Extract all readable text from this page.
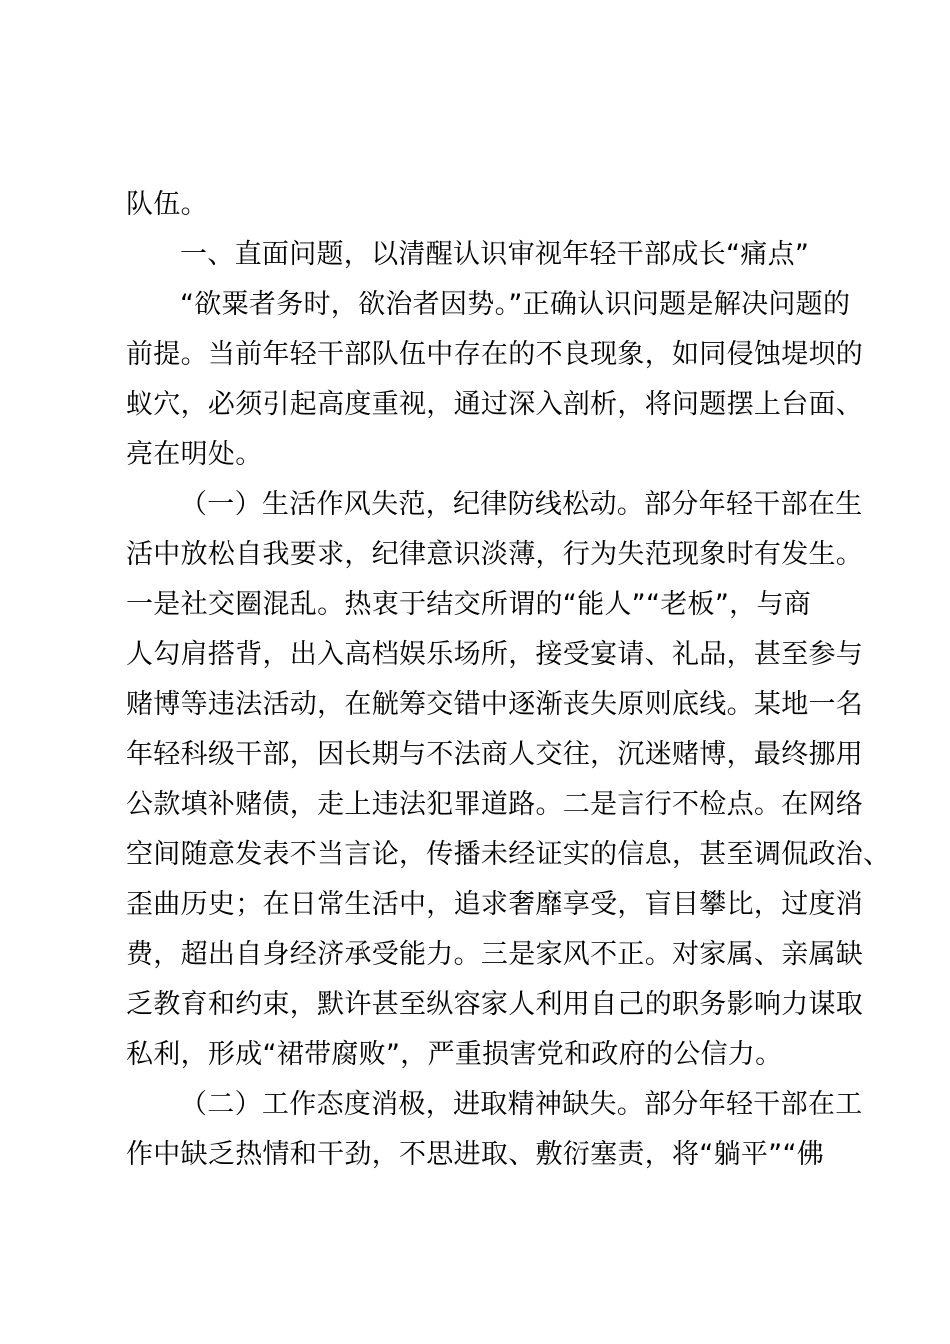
队伍。
一、直面问题，以清醒认识审视年轻干部成长“痛点”
“欲粟者务时，欲治者因势。”正确认识问题是解决问题的
前提。当前年轻干部队伍中存在的不良现象，如同侵蚀堤坝的
蚁穴，必须引起高度重视，通过深入剖析，将问题摆上台面、
亮在明处。
（一）生活作风失范，纪律防线松动。部分年轻干部在生
活中放松自我要求，纪律意识淡薄，行为失范现象时有发生。
一是社交圈混乱。热衷于结交所谓的“能人”“老板”，与商
人勾肩搭背，出入高档娱乐场所，接受宴请、礼品，甚至参与
赌博等违法活动，在觥筹交错中逐渐丧失原则底线。某地一名
年轻科级干部，因长期与不法商人交往，沉迷赌博，最终挪用
公款填补赌债，走上违法犯罪道路。二是言行不检点。在网络
空间随意发表不当言论，传播未经证实的信息，甚至调侃政治、
歪曲历史；在日常生活中，追求奢靡享受，盲目攀比，过度消
费，超出自身经济承受能力。三是家风不正。对家属、亲属缺
乏教育和约束，默许甚至纵容家人利用自己的职务影响力谋取
私利，形成“裙带腐败”，严重损害党和政府的公信力。
（二）工作态度消极，进取精神缺失。部分年轻干部在工
作中缺乏热情和干劲，不思进取、敷衍塞责，将“躺平”“佛
